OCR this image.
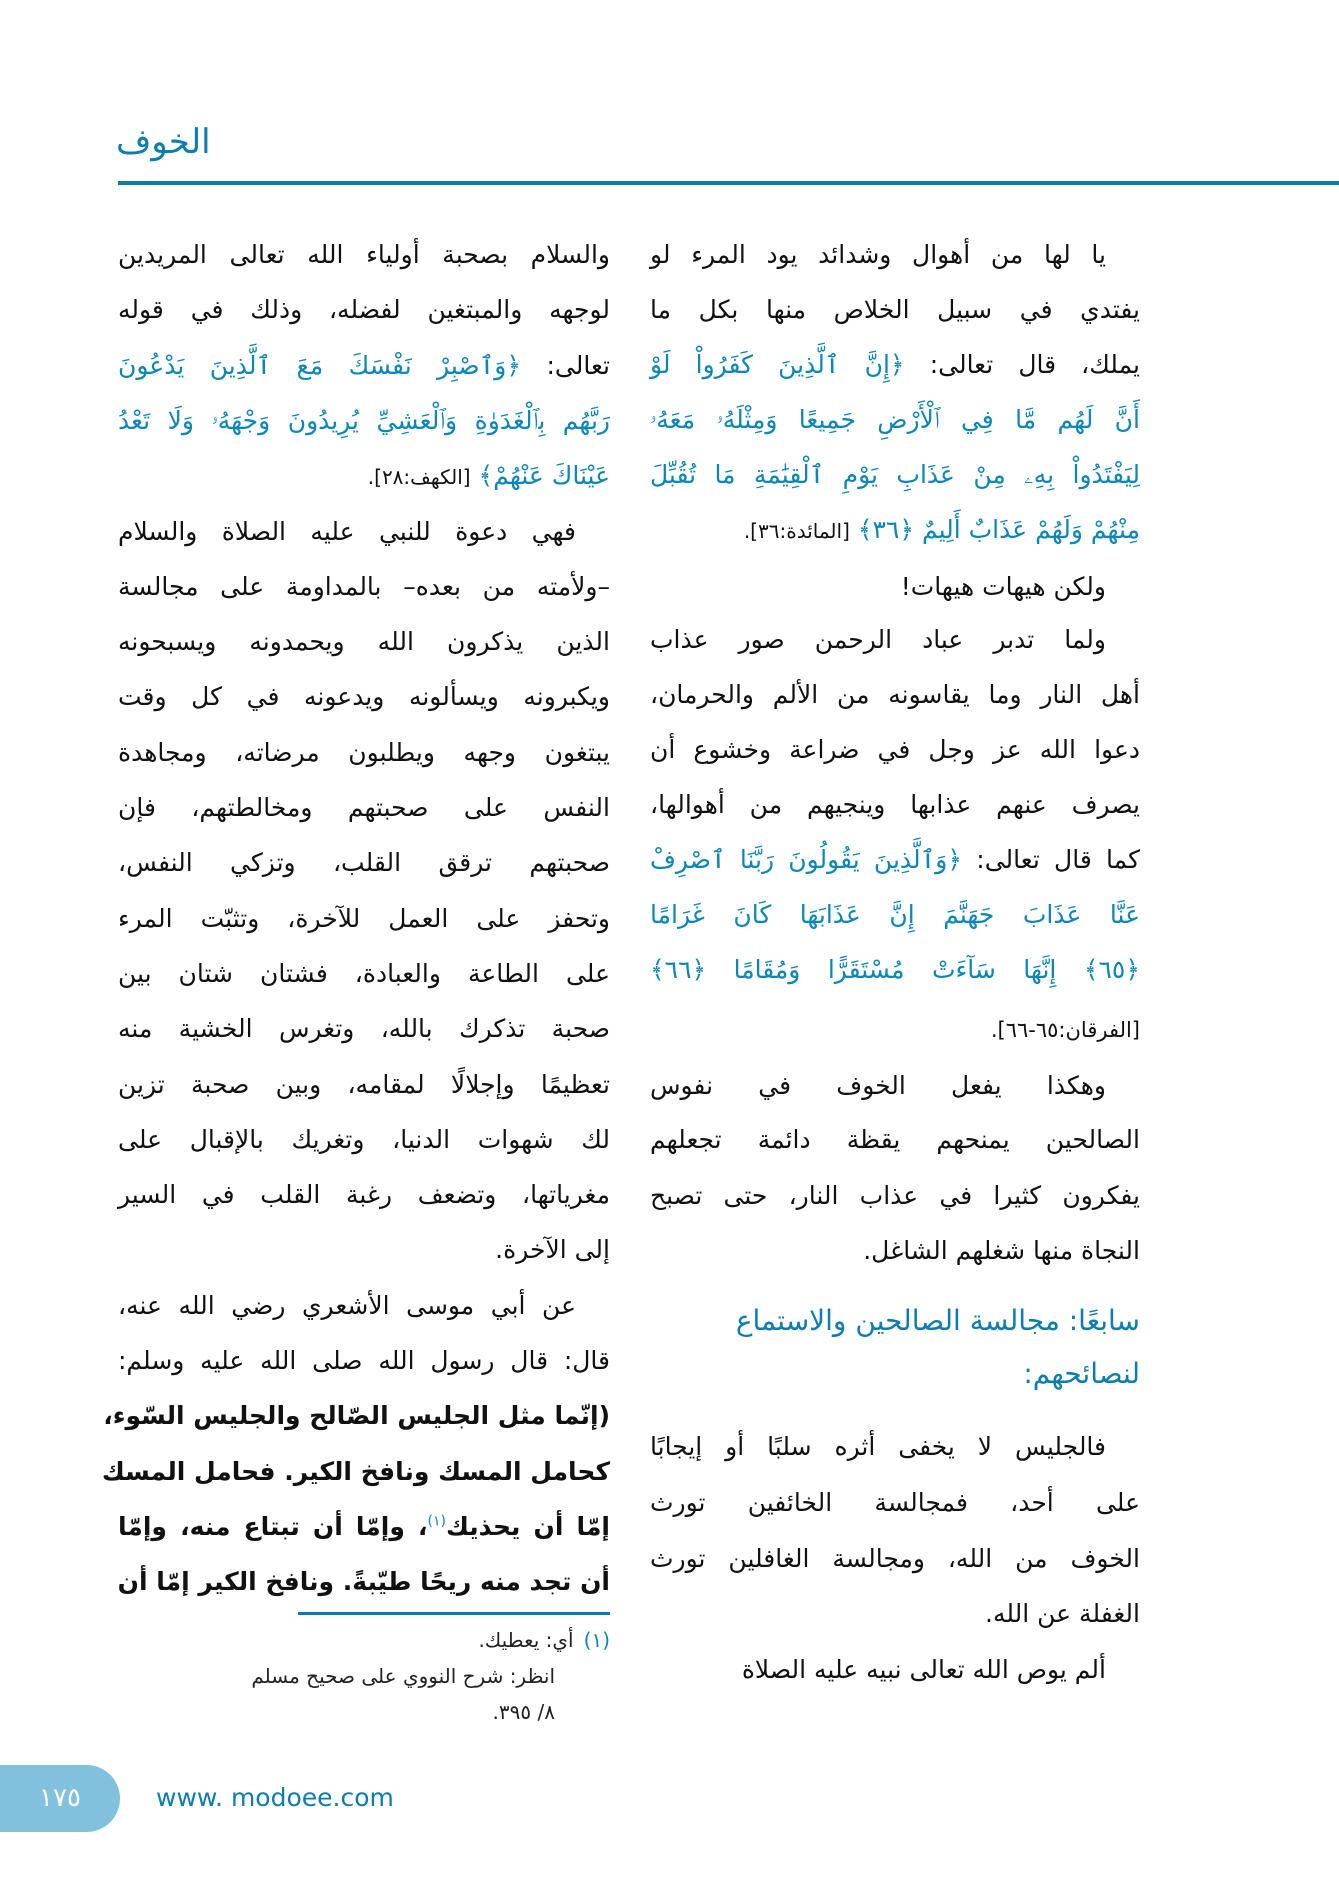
الخوف
يا لها من أهوال وشدائد يود المرء لو
يفتدي في سبيل الخلاص منها بكل ما
يملك، قال تعالى: ﴿إِنَّ ٱلَّذِينَ كَفَرُواْ لَوْ
أَنَّ لَهُم مَّا فِي ٱلْأَرْضِ جَمِيعًا وَمِثْلَهُۥ مَعَهُۥ
لِيَفْتَدُواْ بِهِۦ مِنْ عَذَابِ يَوْمِ ٱلْقِيَٰمَةِ مَا تُقُبِّلَ
مِنْهُمْ وَلَهُمْ عَذَابٌ أَلِيمٌ ﴿٣٦﴾ [المائدة:٣٦].
ولكن هيهات هيهات!
ولما تدبر عباد الرحمن صور عذاب
أهل النار وما يقاسونه من الألم والحرمان،
دعوا الله عز وجل في ضراعة وخشوع أن
يصرف عنهم عذابها وينجيهم من أهوالها،
كما قال تعالى: ﴿وَٱلَّذِينَ يَقُولُونَ رَبَّنَا ٱصْرِفْ
عَنَّا عَذَابَ جَهَنَّمَ إِنَّ عَذَابَهَا كَانَ غَرَامًا
﴿٦٥﴾ إِنَّهَا سَآءَتْ مُسْتَقَرًّا وَمُقَامًا ﴿٦٦﴾
[الفرقان:٦٥-٦٦].
وهكذا يفعل الخوف في نفوس
الصالحين يمنحهم يقظة دائمة تجعلهم
يفكرون كثيرا في عذاب النار، حتى تصبح
النجاة منها شغلهم الشاغل.
سابعًا: مجالسة الصالحين والاستماع
لنصائحهم:
فالجليس لا يخفى أثره سلبًا أو إيجابًا
على أحد، فمجالسة الخائفين تورث
الخوف من الله، ومجالسة الغافلين تورث
الغفلة عن الله.
ألم يوص الله تعالى نبيه عليه الصلاة
والسلام بصحبة أولياء الله تعالى المريدين
لوجهه والمبتغين لفضله، وذلك في قوله
تعالى: ﴿وَٱصْبِرْ نَفْسَكَ مَعَ ٱلَّذِينَ يَدْعُونَ
رَبَّهُم بِٱلْغَدَوٰةِ وَٱلْعَشِيِّ يُرِيدُونَ وَجْهَهُۥ وَلَا تَعْدُ
عَيْنَاكَ عَنْهُمْ﴾ [الكهف:٢٨].
فهي دعوة للنبي عليه الصلاة والسلام
–ولأمته من بعده– بالمداومة على مجالسة
الذين يذكرون الله ويحمدونه ويسبحونه
ويكبرونه ويسألونه ويدعونه في كل وقت
يبتغون وجهه ويطلبون مرضاته، ومجاهدة
النفس على صحبتهم ومخالطتهم، فإن
صحبتهم ترقق القلب، وتزكي النفس،
وتحفز على العمل للآخرة، وتثبّت المرء
على الطاعة والعبادة، فشتان شتان بين
صحبة تذكرك بالله، وتغرس الخشية منه
تعظيمًا وإجلالًا لمقامه، وبين صحبة تزين
لك شهوات الدنيا، وتغريك بالإقبال على
مغرياتها، وتضعف رغبة القلب في السير
إلى الآخرة.
عن أبي موسى الأشعري رضي الله عنه،
قال: قال رسول الله صلى الله عليه وسلم:
(إنّما مثل الجليس الصّالح والجليس السّوء،
كحامل المسك ونافخ الكير. فحامل المسك
إمّا أن يحذيك$^{(١)}$، وإمّا أن تبتاع منه، وإمّا
أن تجد منه ريحًا طيّبةً. ونافخ الكير إمّا أن
(١)أي: يعطيك.
انظر: شرح النووي على صحيح مسلم
٨/ ٣٩٥.
١٧٥	www. modoee.com
